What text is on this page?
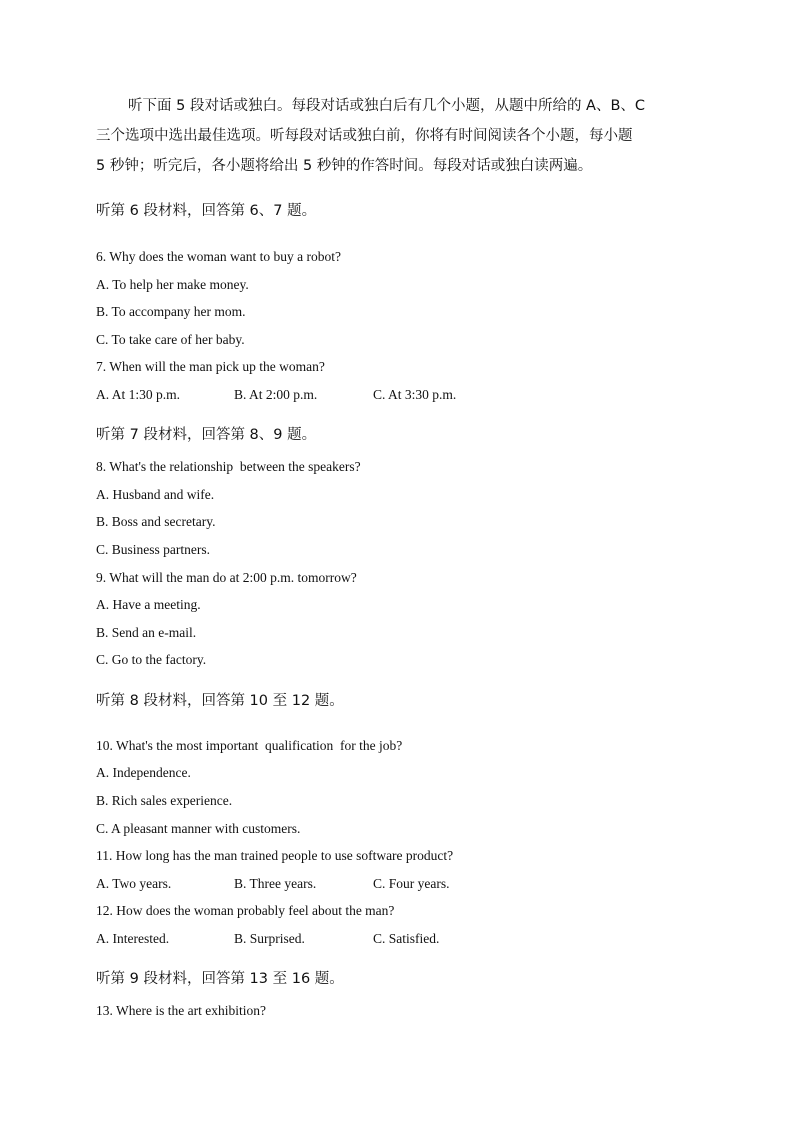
听下面 5 段对话或独白。每段对话或独白后有几个小题，从题中所给的 A、B、C
三个选项中选出最佳选项。听每段对话或独白前，你将有时间阅读各个小题，每小题
5 秒钟；听完后，各小题将给出 5 秒钟的作答时间。每段对话或独白读两遍。
听第 6 段材料，回答第 6、7 题。
6. Why does the woman want to buy a robot?
A. To help her make money.
B. To accompany her mom.
C. To take care of her baby.
7. When will the man pick up the woman?
A. At 1:30 p.m.	B. At 2:00 p.m.	C. At 3:30 p.m.
听第 7 段材料，回答第 8、9 题。
8. What's the relationship  between the speakers?
A. Husband and wife.
B. Boss and secretary.
C. Business partners.
9. What will the man do at 2:00 p.m. tomorrow?
A. Have a meeting.
B. Send an e-mail.
C. Go to the factory.
听第 8 段材料，回答第 10 至 12 题。
10. What's the most important  qualification  for the job?
A. Independence.
B. Rich sales experience.
C. A pleasant manner with customers.
11. How long has the man trained people to use software product?
A. Two years.	B. Three years.	C. Four years.
12. How does the woman probably feel about the man?
A. Interested.	B. Surprised.	C. Satisfied.
听第 9 段材料，回答第 13 至 16 题。
13. Where is the art exhibition?
